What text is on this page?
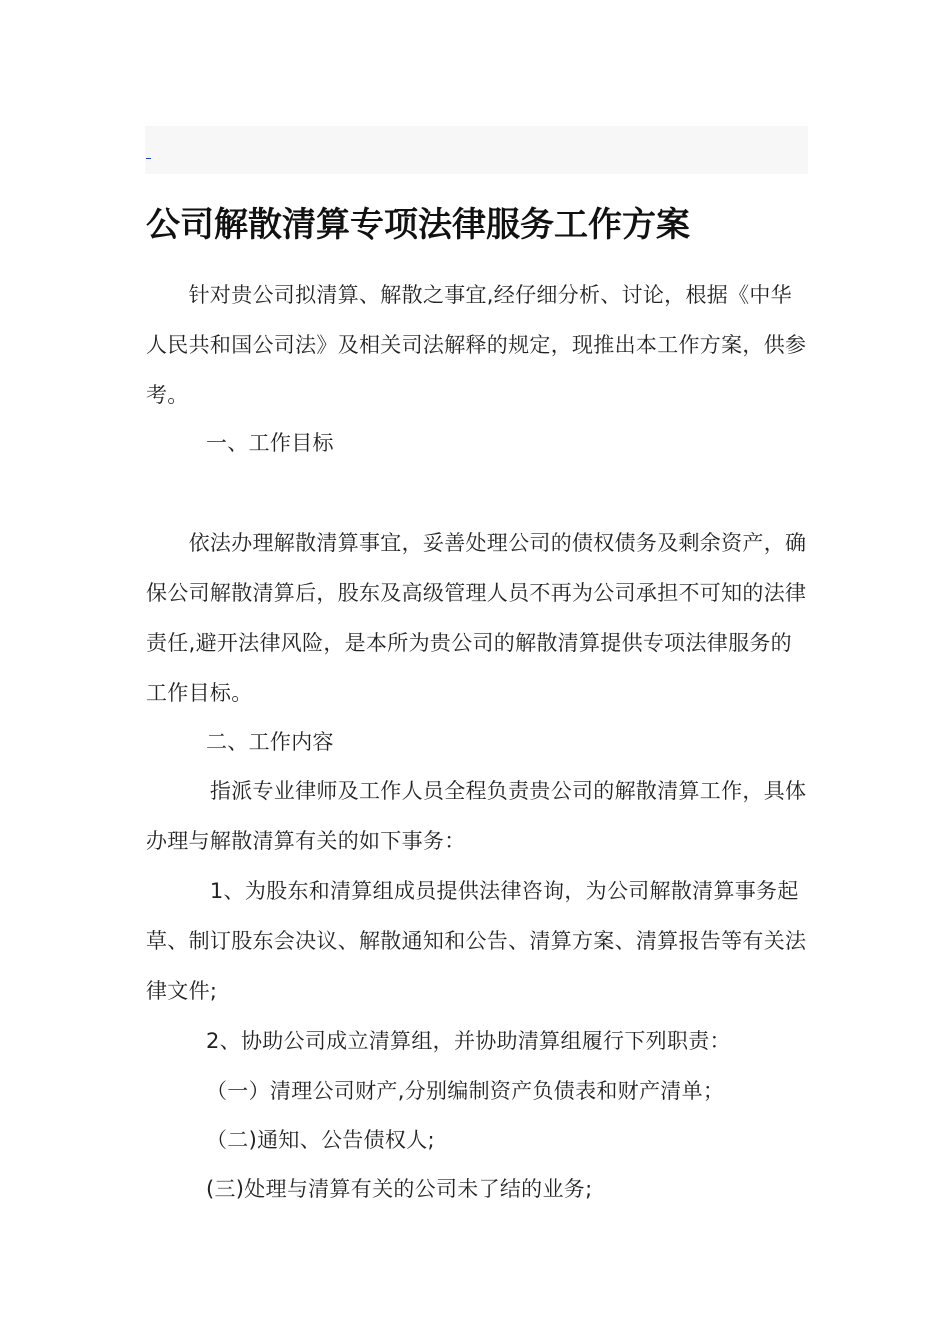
公司解散清算专项法律服务工作方案

　　针对贵公司拟清算、解散之事宜,经仔细分析、讨论，根据《中华人民共和国公司法》及相关司法解释的规定，现推出本工作方案，供参考。

一、工作目标

　　依法办理解散清算事宜，妥善处理公司的债权债务及剩余资产，确保公司解散清算后，股东及高级管理人员不再为公司承担不可知的法律责任,避开法律风险，是本所为贵公司的解散清算提供专项法律服务的工作目标。

二、工作内容

　　　指派专业律师及工作人员全程负责贵公司的解散清算工作，具体办理与解散清算有关的如下事务：

　　　1、为股东和清算组成员提供法律咨询，为公司解散清算事务起草、制订股东会决议、解散通知和公告、清算方案、清算报告等有关法律文件;

2、协助公司成立清算组，并协助清算组履行下列职责：

（一）清理公司财产,分别编制资产负债表和财产清单；

（二)通知、公告债权人;

(三)处理与清算有关的公司未了结的业务;
